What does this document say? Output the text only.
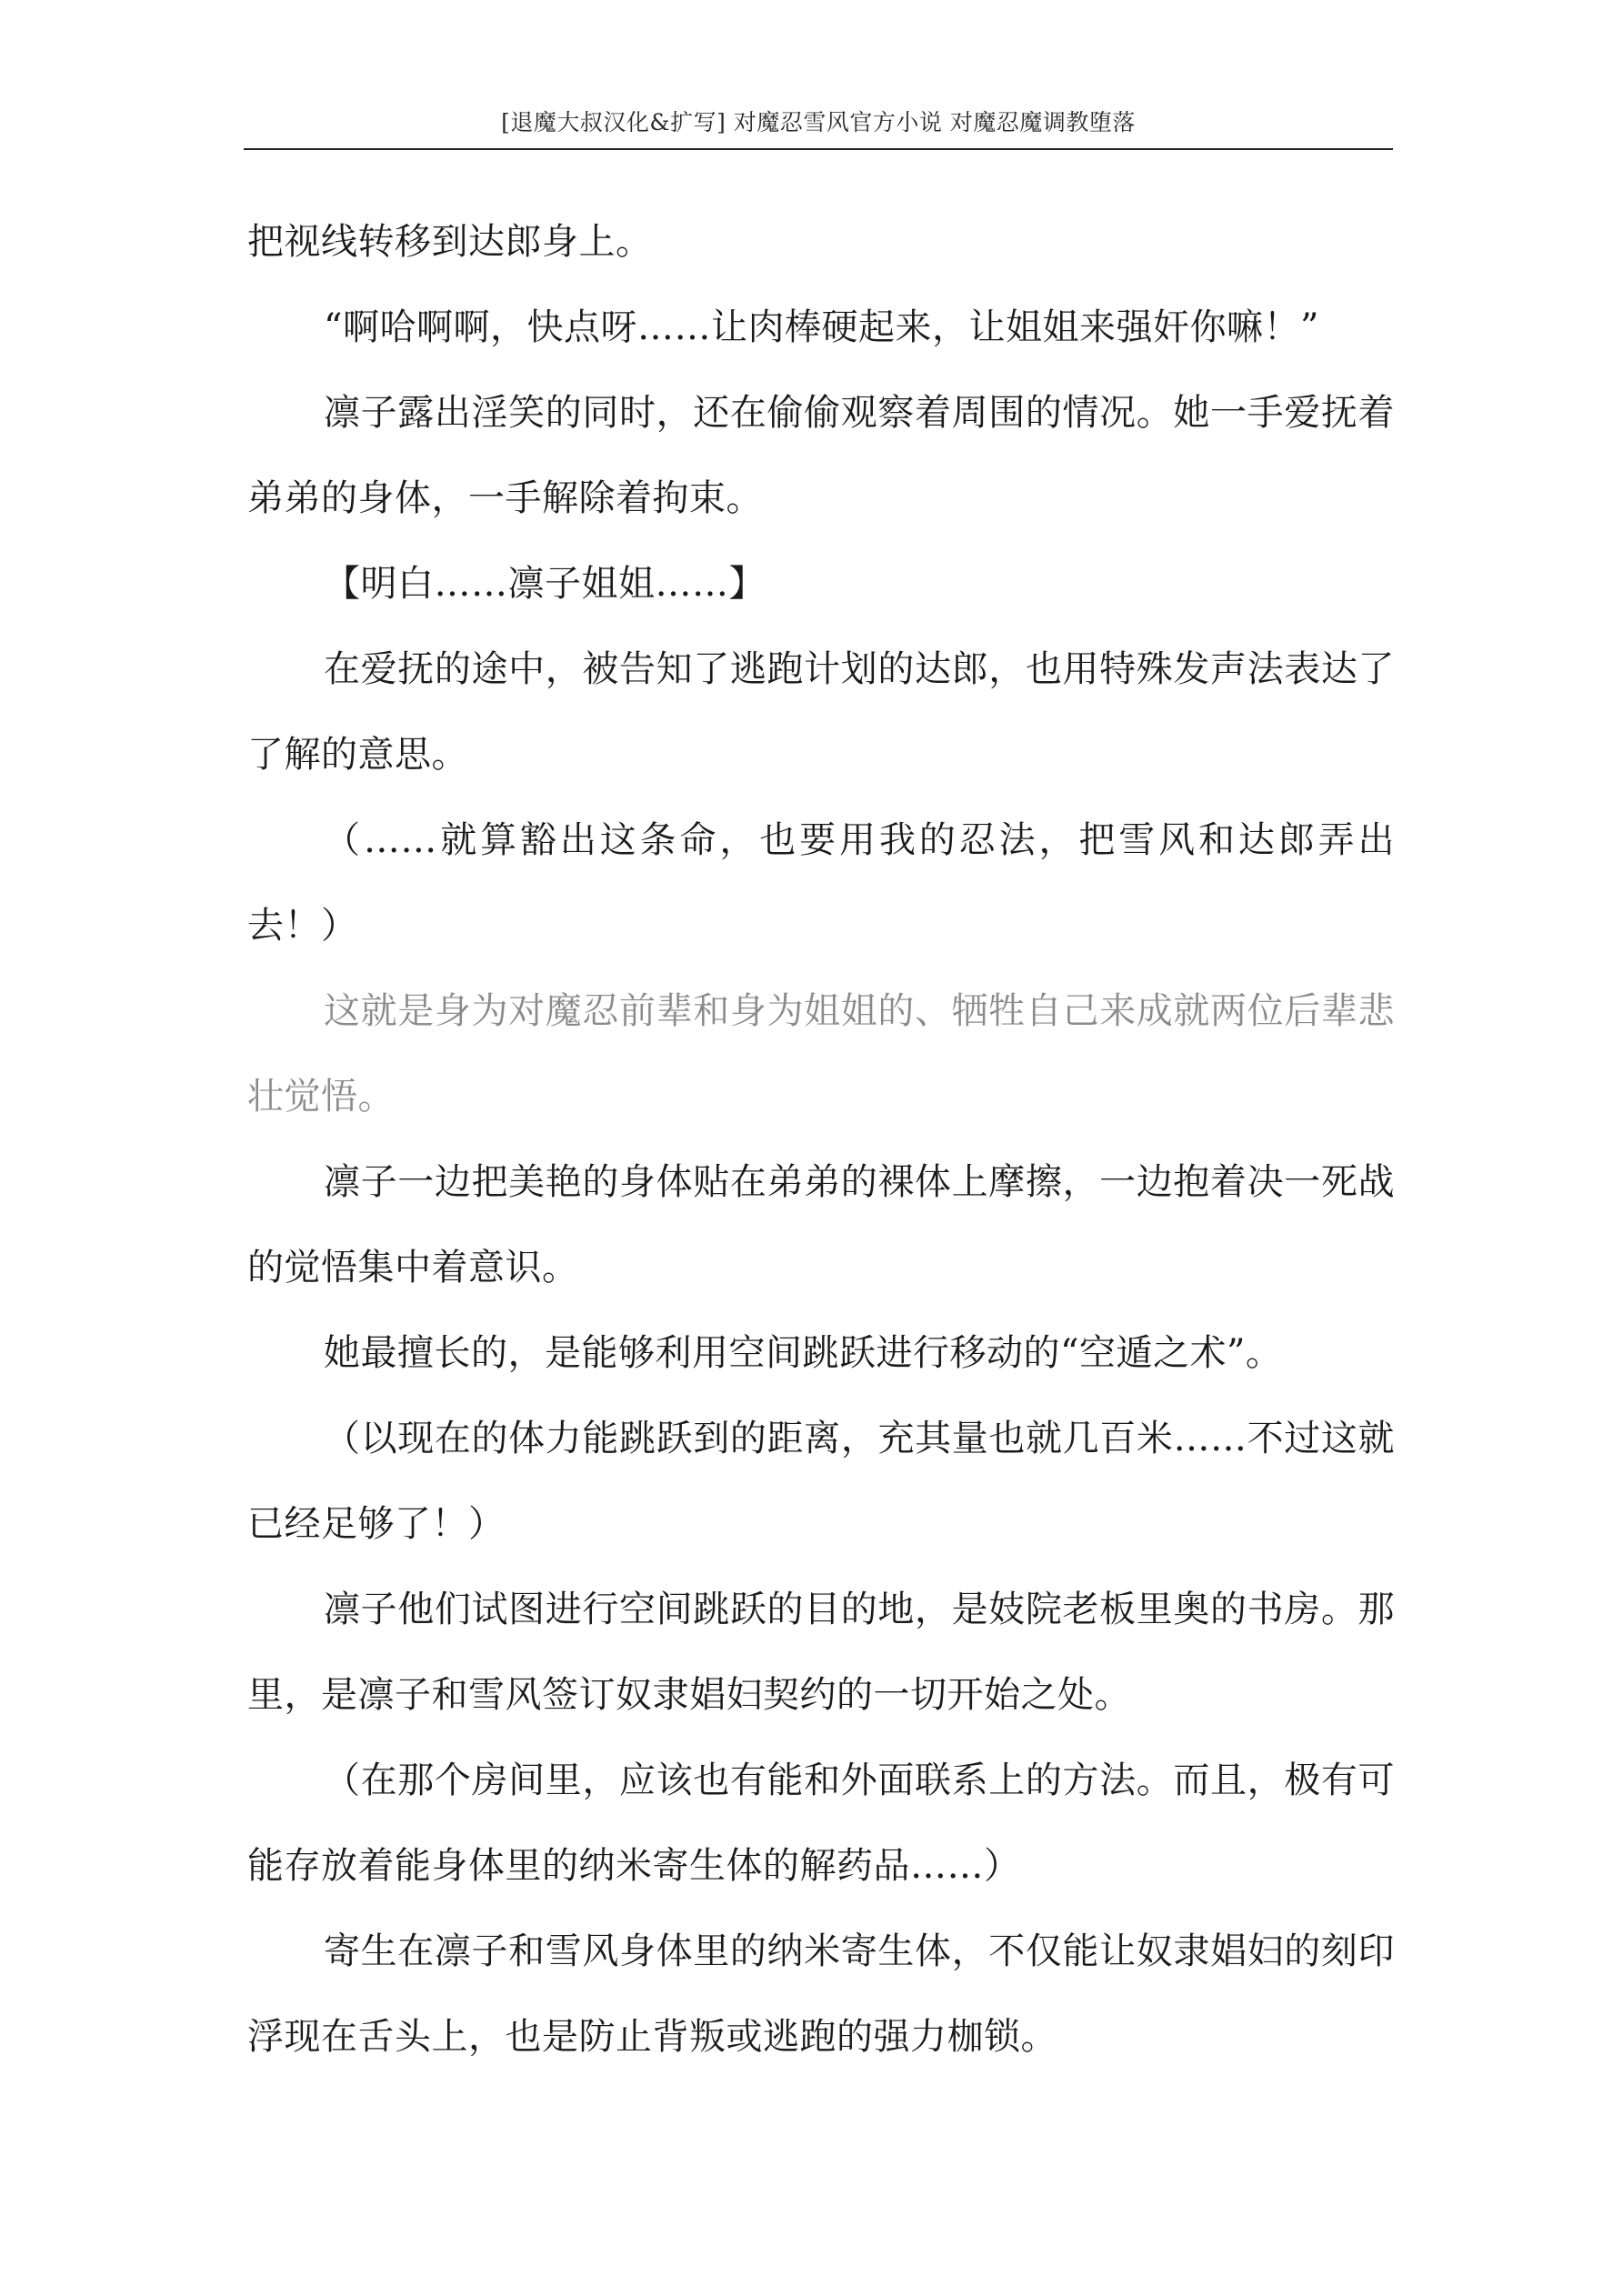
[退魔大叔汉化&扩写] 对魔忍雪风官方小说 对魔忍魔调教堕落

把视线转移到达郎身上。

“啊哈啊啊，快点呀……让肉棒硬起来，让姐姐来强奸你嘛！”

凛子露出淫笑的同时，还在偷偷观察着周围的情况。她一手爱抚着弟弟的身体，一手解除着拘束。

【明白……凛子姐姐……】

在爱抚的途中，被告知了逃跑计划的达郎，也用特殊发声法表达了了解的意思。

（……就算豁出这条命，也要用我的忍法，把雪风和达郎弄出去！）

这就是身为对魔忍前辈和身为姐姐的、牺牲自己来成就两位后辈悲壮觉悟。

凛子一边把美艳的身体贴在弟弟的裸体上摩擦，一边抱着决一死战的觉悟集中着意识。

她最擅长的，是能够利用空间跳跃进行移动的“空遁之术”。

（以现在的体力能跳跃到的距离，充其量也就几百米……不过这就已经足够了！）

凛子他们试图进行空间跳跃的目的地，是妓院老板里奥的书房。那里，是凛子和雪风签订奴隶娼妇契约的一切开始之处。

（在那个房间里，应该也有能和外面联系上的方法。而且，极有可能存放着能身体里的纳米寄生体的解药品……）

寄生在凛子和雪风身体里的纳米寄生体，不仅能让奴隶娼妇的刻印浮现在舌头上，也是防止背叛或逃跑的强力枷锁。
